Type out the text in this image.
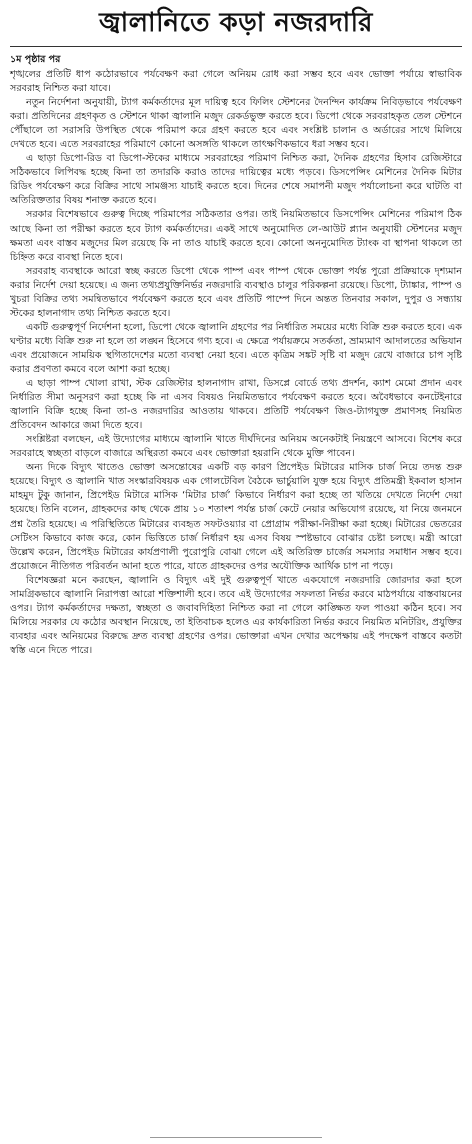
জ্বালানিতে কড়া নজরদারি
১ম পৃষ্ঠার পর

শৃঙ্খলের প্রতিটি ধাপ কঠোরভাবে পর্যবেক্ষণ করা গেলে অনিয়ম রোধ করা সম্ভব হবে এবং ভোক্তা পর্যায়ে স্বাভাবিক সরবরাহ নিশ্চিত করা যাবে।

নতুন নির্দেশনা অনুযায়ী, ট্যাগ কর্মকর্তাদের মূল দায়িত্ব হবে ফিলিং স্টেশনের দৈনন্দিন কার্যক্রম নিবিড়ভাবে পর্যবেক্ষণ করা। প্রতিদিনের গ্রহণকৃত ও স্টেশনে থাকা জ্বালানি মজুদ রেকর্ডভুক্ত করতে হবে। ডিপো থেকে সরবরাহকৃত তেল স্টেশনে পৌঁছালে তা সরাসরি উপস্থিত থেকে পরিমাপ করে গ্রহণ করতে হবে এবং সংশ্লিষ্ট চালান ও অর্ডারের সাথে মিলিয়ে দেখতে হবে। এতে সরবরাহের পরিমাণে কোনো অসঙ্গতি থাকলে তাৎক্ষণিকভাবে ধরা সম্ভব হবে।

এ ছাড়া ডিপো-রিড বা ডিপো-স্টকের মাধ্যমে সরবরাহের পরিমাণ নিশ্চিত করা, দৈনিক গ্রহণের হিসাব রেজিস্টারে সঠিকভাবে লিপিবদ্ধ হচ্ছে কিনা তা তদারকি করাও তাদের দায়িত্বের মধ্যে পড়বে। ডিসপেন্সিং মেশিনের দৈনিক মিটার রিডিং পর্যবেক্ষণ করে বিক্রির সাথে সামঞ্জস্য যাচাই করতে হবে। দিনের শেষে সমাপনী মজুদ পর্যালোচনা করে ঘাটতি বা অতিরিক্ততার বিষয় শনাক্ত করতে হবে।

সরকার বিশেষভাবে গুরুত্ব দিচ্ছে পরিমাপের সঠিকতার ওপর। তাই নিয়মিতভাবে ডিসপেন্সিং মেশিনের পরিমাপ ঠিক আছে কিনা তা পরীক্ষা করতে হবে ট্যাগ কর্মকর্তাদের। একই সাথে অনুমোদিত লে-আউট প্ল্যান অনুযায়ী স্টেশনের মজুদ ক্ষমতা এবং বাস্তব মজুদের মিল রয়েছে কি না তাও যাচাই করতে হবে। কোনো অননুমোদিত ট্যাংক বা স্থাপনা থাকলে তা চিহ্নিত করে ব্যবস্থা নিতে হবে।

সরবরাহ ব্যবস্থাকে আরো স্বচ্ছ করতে ডিপো থেকে পাম্প এবং পাম্প থেকে ভোক্তা পর্যন্ত পুরো প্রক্রিয়াকে দৃশ্যমান করার নির্দেশ দেয়া হয়েছে। এ জন্য তথ্যপ্রযুক্তিনির্ভর নজরদারি ব্যবস্থাও চালুর পরিকল্পনা রয়েছে। ডিপো, ট্যাঙ্কার, পাম্প ও খুচরা বিক্রির তথ্য সমন্বিতভাবে পর্যবেক্ষণ করতে হবে এবং প্রতিটি পাম্পে দিনে অন্তত তিনবার সকাল, দুপুর ও সন্ধ্যায় স্টকের হালনাগাদ তথ্য নিশ্চিত করতে হবে।

একটি গুরুত্বপূর্ণ নির্দেশনা হলো, ডিপো থেকে জ্বালানি গ্রহণের পর নির্ধারিত সময়ের মধ্যে বিক্রি শুরু করতে হবে। এক ঘণ্টার মধ্যে বিক্রি শুরু না হলে তা লঙ্ঘন হিসেবে গণ্য হবে। এ ক্ষেত্রে পর্যায়ক্রমে সতর্কতা, ভ্রাম্যমাণ আদালতের অভিযান এবং প্রয়োজনে সাময়িক স্থগিতাদেশের মতো ব্যবস্থা নেয়া হবে। এতে কৃত্রিম সঙ্কট সৃষ্টি বা মজুদ রেখে বাজারে চাপ সৃষ্টি করার প্রবণতা কমবে বলে আশা করা হচ্ছে।

এ ছাড়া পাম্প খোলা রাখা, স্টক রেজিস্টার হালনাগাদ রাখা, ডিসপ্লে বোর্ডে তথ্য প্রদর্শন, ক্যাশ মেমো প্রদান এবং নির্ধারিত সীমা অনুসরণ করা হচ্ছে কি না এসব বিষয়ও নিয়মিতভাবে পর্যবেক্ষণ করতে হবে। অবৈধভাবে কনটেইনারে জ্বালানি বিক্রি হচ্ছে কিনা তা-ও নজরদারির আওতায় থাকবে। প্রতিটি পর্যবেক্ষণ জিও-ট্যাগযুক্ত প্রমাণসহ নিয়মিত প্রতিবেদন আকারে জমা দিতে হবে।

সংশ্লিষ্টরা বলছেন, এই উদ্যোগের মাধ্যমে জ্বালানি খাতে দীর্ঘদিনের অনিয়ম অনেকটাই নিয়ন্ত্রণে আসবে। বিশেষ করে সরবরাহে স্বচ্ছতা বাড়লে বাজারে অস্থিরতা কমবে এবং ভোক্তারা হয়রানি থেকে মুক্তি পাবেন।

অন্য দিকে বিদ্যুৎ খাতেও ভোক্তা অসন্তোষের একটি বড় কারণ প্রিপেইড মিটারের মাসিক চার্জ নিয়ে তদন্ত শুরু হয়েছে। বিদ্যুৎ ও জ্বালানি খাত সংস্কারবিষয়ক এক গোলটেবিল বৈঠকে ভার্চুয়ালি যুক্ত হয়ে বিদ্যুৎ প্রতিমন্ত্রী ইকবাল হাসান মাহমুদ টুকু জানান, প্রিপেইড মিটারে মাসিক ‘মিটার চার্জ’ কিভাবে নির্ধারণ করা হচ্ছে তা খতিয়ে দেখতে নির্দেশ দেয়া হয়েছে। তিনি বলেন, গ্রাহকদের কাছ থেকে প্রায় ১০ শতাংশ পর্যন্ত চার্জ কেটে নেয়ার অভিযোগ রয়েছে, যা নিয়ে জনমনে প্রশ্ন তৈরি হয়েছে। এ পরিস্থিতিতে মিটারের ব্যবহৃত সফটওয়্যার বা প্রোগ্রাম পরীক্ষা-নিরীক্ষা করা হচ্ছে। মিটারের ভেতরের সেটিংস কিভাবে কাজ করে, কোন ভিত্তিতে চার্জ নির্ধারণ হয় এসব বিষয় স্পষ্টভাবে বোঝার চেষ্টা চলছে। মন্ত্রী আরো উল্লেখ করেন, প্রিপেইড মিটারের কার্যপ্রণালী পুরোপুরি বোঝা গেলে এই অতিরিক্ত চার্জের সমস্যার সমাধান সম্ভব হবে। প্রয়োজনে নীতিগত পরিবর্তন আনা হতে পারে, যাতে গ্রাহকদের ওপর অযৌক্তিক আর্থিক চাপ না পড়ে।

বিশেষজ্ঞরা মনে করছেন, জ্বালানি ও বিদ্যুৎ এই দুই গুরুত্বপূর্ণ খাতে একযোগে নজরদারি জোরদার করা হলে সামগ্রিকভাবে জ্বালানি নিরাপত্তা আরো শক্তিশালী হবে। তবে এই উদ্যোগের সফলতা নির্ভর করবে মাঠপর্যায়ে বাস্তবায়নের ওপর। ট্যাগ কর্মকর্তাদের দক্ষতা, স্বচ্ছতা ও জবাবদিহিতা নিশ্চিত করা না গেলে কাঙ্ক্ষিত ফল পাওয়া কঠিন হবে। সব মিলিয়ে সরকার যে কঠোর অবস্থান নিয়েছে, তা ইতিবাচক হলেও এর কার্যকারিতা নির্ভর করবে নিয়মিত মনিটরিং, প্রযুক্তির ব্যবহার এবং অনিয়মের বিরুদ্ধে দ্রুত ব্যবস্থা গ্রহণের ওপর। ভোক্তারা এখন দেখার অপেক্ষায় এই পদক্ষেপ বাস্তবে কতটা স্বস্তি এনে দিতে পারে।
